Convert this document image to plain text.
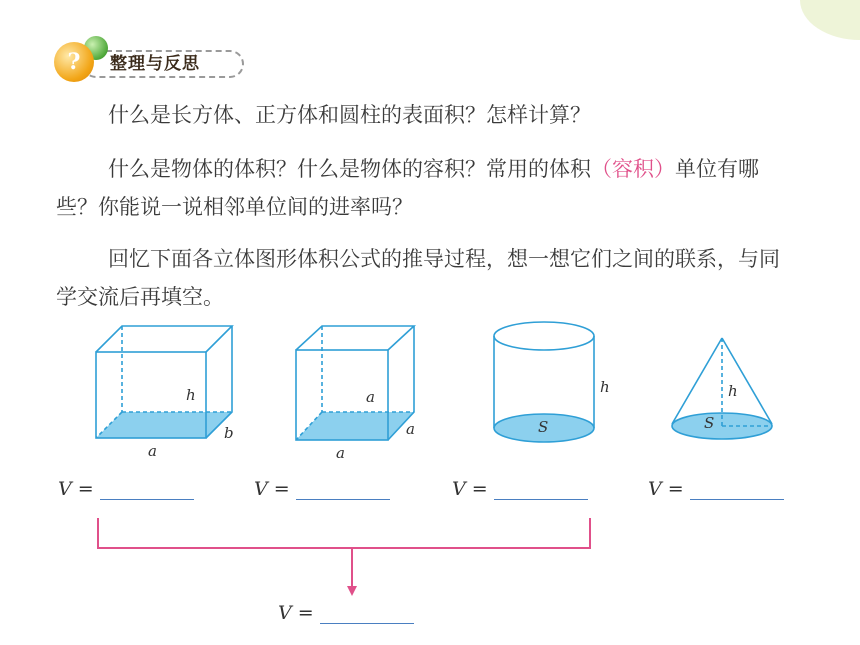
?	整理与反思

什么是长方体、正方体和圆柱的表面积？怎样计算？

什么是物体的体积？什么是物体的容积？常用的体积（容积）单位有哪些？你能说一说相邻单位间的进率吗？

回忆下面各立体图形体积公式的推导过程，想一想它们之间的联系，与同学交流后再填空。

h
a
b
a
a
a
h
S
h
S
V =	V =	V =	V =
V =
